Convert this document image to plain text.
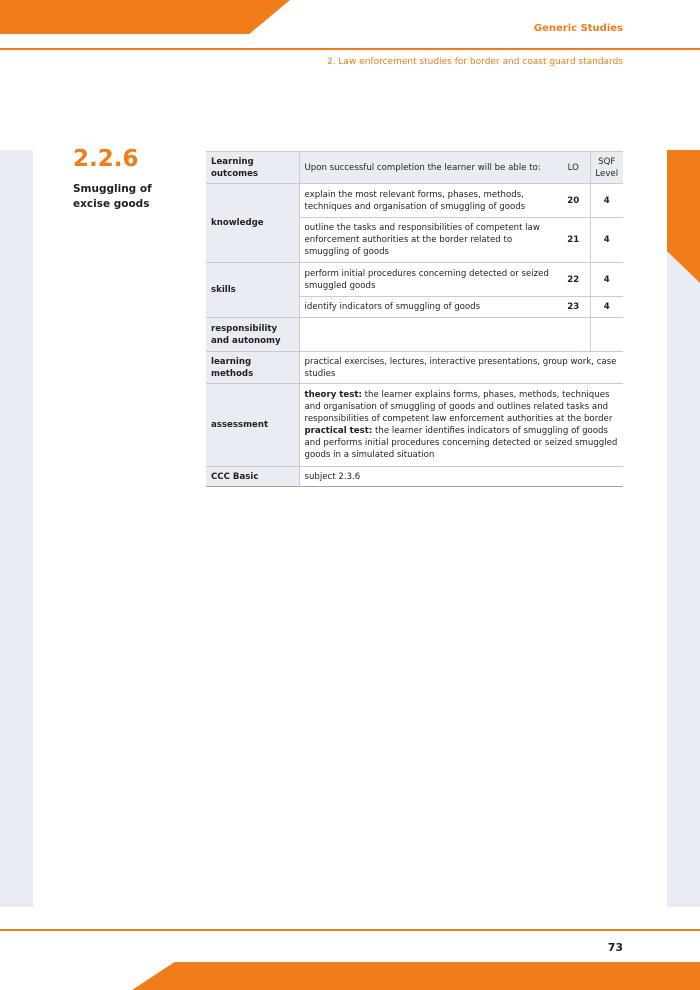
Generic Studies
2. Law enforcement studies for border and coast guard standards
2.2.6
Smuggling of excise goods
Learning outcomes	Upon successful completion the learner will be able to:	LO	SQF Level
knowledge	explain the most relevant forms, phases, methods, techniques and organisation of smuggling of goods	20	4
	outline the tasks and responsibilities of competent law enforcement authorities at the border related to smuggling of goods	21	4
skills	perform initial procedures concerning detected or seized smuggled goods	22	4
	identify indicators of smuggling of goods	23	4
responsibility and autonomy			
learning methods	practical exercises, lectures, interactive presentations, group work, case studies		
assessment	theory test: the learner explains forms, phases, methods, techniques and organisation of smuggling of goods and outlines related tasks and responsibilities of competent law enforcement authorities at the border
practical test: the learner identifies indicators of smuggling of goods and performs initial procedures concerning detected or seized smuggled goods in a simulated situation		
CCC Basic	subject 2.3.6		
73
